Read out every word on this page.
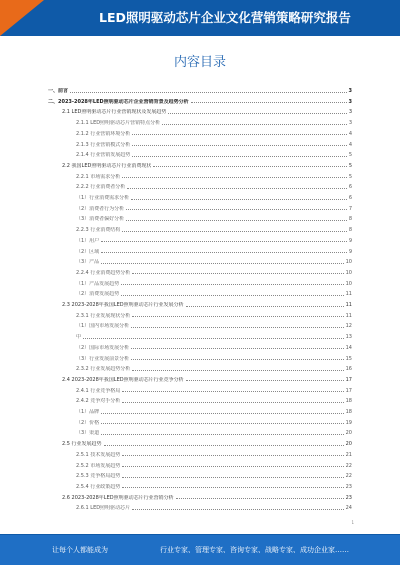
LED照明驱动芯片企业文化营销策略研究报告
内容目录
一、前言	3
二、2023-2028年LED照明驱动芯片企业营销背景及趋势分析	3
2.1 LED照明驱动芯片行业营销现状及发展趋势	3
2.1.1 LED照明驱动芯片营销特点分析	3
2.1.2 行业营销环境分析	4
2.1.3 行业营销模式分析	4
2.1.4 行业营销发展趋势	5
2.2 我国LED照明驱动芯片行业消费现状	5
2.2.1 市场需求分析	5
2.2.2 行业消费者分析	6
（1）行业消费需求分析	6
（2）消费者行为分析	7
（3）消费者偏好分析	8
2.2.3 行业消费结构	8
（1）用户	9
（2）区域	9
（3）产品	10
2.2.4 行业消费趋势分析	10
（1）产品发展趋势	10
（2）消费发展趋势	11
2.3 2023-2028年我国LED照明驱动芯片行业发展分析	11
2.3.1 行业发展现状分析	11
（1）国内市场发展分析	12
中	13
（2）国际市场发展分析	14
（3）行业发展前景分析	15
2.3.2 行业发展趋势分析	16
2.4 2023-2028年我国LED照明驱动芯片行业竞争分析	17
2.4.1 行业竞争格局	17
2.4.2 竞争对手分析	18
（1）品牌	18
（2）价格	19
（3）渠道	20
2.5 行业发展趋势	20
2.5.1 技术发展趋势	21
2.5.2 市场发展趋势	22
2.5.3 竞争格局趋势	22
2.5.4 行业政策趋势	23
2.6 2023-2028年LED照明驱动芯片行业营销分析	23
2.6.1 LED照明驱动芯片	24
1
让每个人都能成为	行业专家、管理专家、咨询专家、战略专家、成功企业家……
